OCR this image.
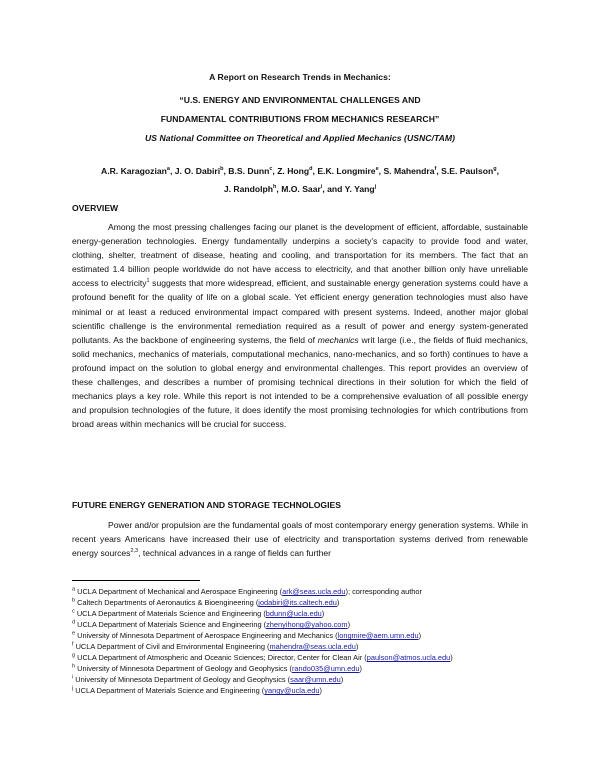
A Report on Research Trends in Mechanics:
“U.S. ENERGY AND ENVIRONMENTAL CHALLENGES AND
FUNDAMENTAL CONTRIBUTIONS FROM MECHANICS RESEARCH”
US National Committee on Theoretical and Applied Mechanics (USNC/TAM)
A.R. Karagozian$^a$, J. O. Dabiri$^b$, B.S. Dunn$^c$, Z. Hong$^d$, E.K. Longmire$^e$, S. Mahendra$^f$, S.E. Paulson$^g$,
J. Randolph$^h$, M.O. Saar$^i$, and Y. Yang$^j$
OVERVIEW
Among the most pressing challenges facing our planet is the development of efficient, affordable, sustainable energy-generation technologies. Energy fundamentally underpins a society’s capacity to provide food and water, clothing, shelter, treatment of disease, heating and cooling, and transportation for its members. The fact that an estimated 1.4 billion people worldwide do not have access to electricity, and that another billion only have unreliable access to electricity$^1$ suggests that more widespread, efficient, and sustainable energy generation systems could have a profound benefit for the quality of life on a global scale. Yet efficient energy generation technologies must also have minimal or at least a reduced environmental impact compared with present systems. Indeed, another major global scientific challenge is the environmental remediation required as a result of power and energy system-generated pollutants. As the backbone of engineering systems, the field of mechanics writ large (i.e., the fields of fluid mechanics, solid mechanics, mechanics of materials, computational mechanics, nano-mechanics, and so forth) continues to have a profound impact on the solution to global energy and environmental challenges. This report provides an overview of these challenges, and describes a number of promising technical directions in their solution for which the field of mechanics plays a key role. While this report is not intended to be a comprehensive evaluation of all possible energy and propulsion technologies of the future, it does identify the most promising technologies for which contributions from broad areas within mechanics will be crucial for success.
FUTURE ENERGY GENERATION AND STORAGE TECHNOLOGIES
Power and/or propulsion are the fundamental goals of most contemporary energy generation systems. While in recent years Americans have increased their use of electricity and transportation systems derived from renewable energy sources$^{2,3}$, technical advances in a range of fields can further
$^a$ UCLA Department of Mechanical and Aerospace Engineering (ark@seas.ucla.edu); corresponding author
$^b$ Caltech Departments of Aeronautics & Bioengineering (jodabiri@its.caltech.edu)
$^c$ UCLA Department of Materials Science and Engineering (bdunn@ucla.edu)
$^d$ UCLA Department of Materials Science and Engineering (zhenyihong@yahoo.com)
$^e$ University of Minnesota Department of Aerospace Engineering and Mechanics (longmire@aem.umn.edu)
$^f$ UCLA Department of Civil and Environmental Engineering (mahendra@seas.ucla.edu)
$^g$ UCLA Department of Atmospheric and Oceanic Sciences; Director, Center for Clean Air (paulson@atmos.ucla.edu)
$^h$ University of Minnesota Department of Geology and Geophysics (rando035@umn.edu)
$^i$ University of Minnesota Department of Geology and Geophysics (saar@umn.edu)
$^j$ UCLA Department of Materials Science and Engineering (yangy@ucla.edu)
